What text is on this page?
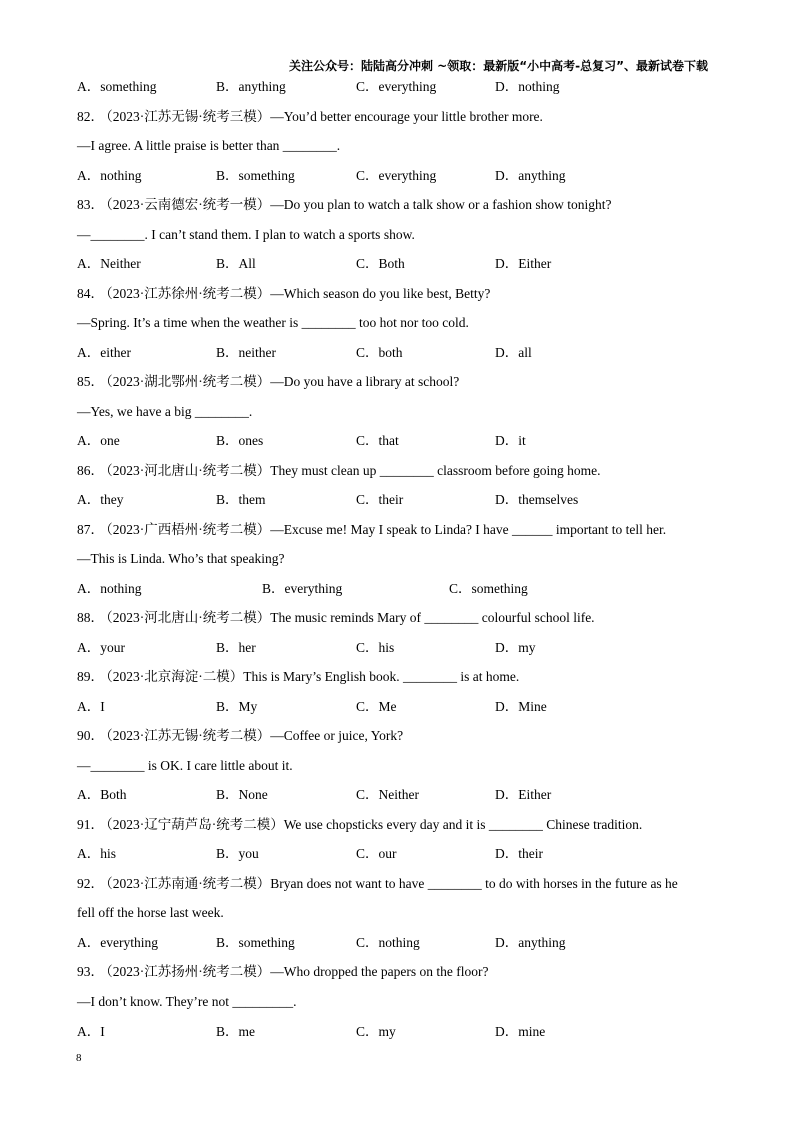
关注公众号：陆陆高分冲刺 ~领取：最新版“小中高考-总复习”、最新试卷下载
A．something	B．anything	C．everything	D．nothing
82． （2023·江苏无锡·统考三模）—You’d better encourage your little brother more.
—I agree. A little praise is better than ________.
A．nothing	B．something	C．everything	D．anything
83． （2023·云南德宏·统考一模）—Do you plan to watch a talk show or a fashion show tonight?
—________. I can’t stand them. I plan to watch a sports show.
A．Neither	B．All	C．Both	D．Either
84． （2023·江苏徐州·统考二模）—Which season do you like best, Betty?
—Spring. It’s a time when the weather is ________ too hot nor too cold.
A．either	B．neither	C．both	D．all
85． （2023·湖北鄂州·统考二模）—Do you have a library at school?
—Yes, we have a big ________.
A．one	B．ones	C．that	D．it
86． （2023·河北唐山·统考二模）They must clean up ________ classroom before going home.
A．they	B．them	C．their	D．themselves
87． （2023·广西梧州·统考二模）—Excuse me! May I speak to Linda? I have ______ important to tell her.
—This is Linda. Who’s that speaking?
A．nothing	B．everything	C．something
88． （2023·河北唐山·统考二模）The music reminds Mary of ________ colourful school life.
A．your	B．her	C．his	D．my
89． （2023·北京海淀·二模）This is Mary’s English book. ________ is at home.
A．I	B．My	C．Me	D．Mine
90． （2023·江苏无锡·统考二模）—Coffee or juice, York?
—________ is OK. I care little about it.
A．Both	B．None	C．Neither	D．Either
91． （2023·辽宁葫芦岛·统考二模）We use chopsticks every day and it is ________ Chinese tradition.
A．his	B．you	C．our	D．their
92． （2023·江苏南通·统考二模）Bryan does not want to have ________ to do with horses in the future as he
fell off the horse last week.
A．everything	B．something	C．nothing	D．anything
93． （2023·江苏扬州·统考二模）—Who dropped the papers on the floor?
—I don’t know. They’re not _________.
A．I	B．me	C．my	D．mine
8
